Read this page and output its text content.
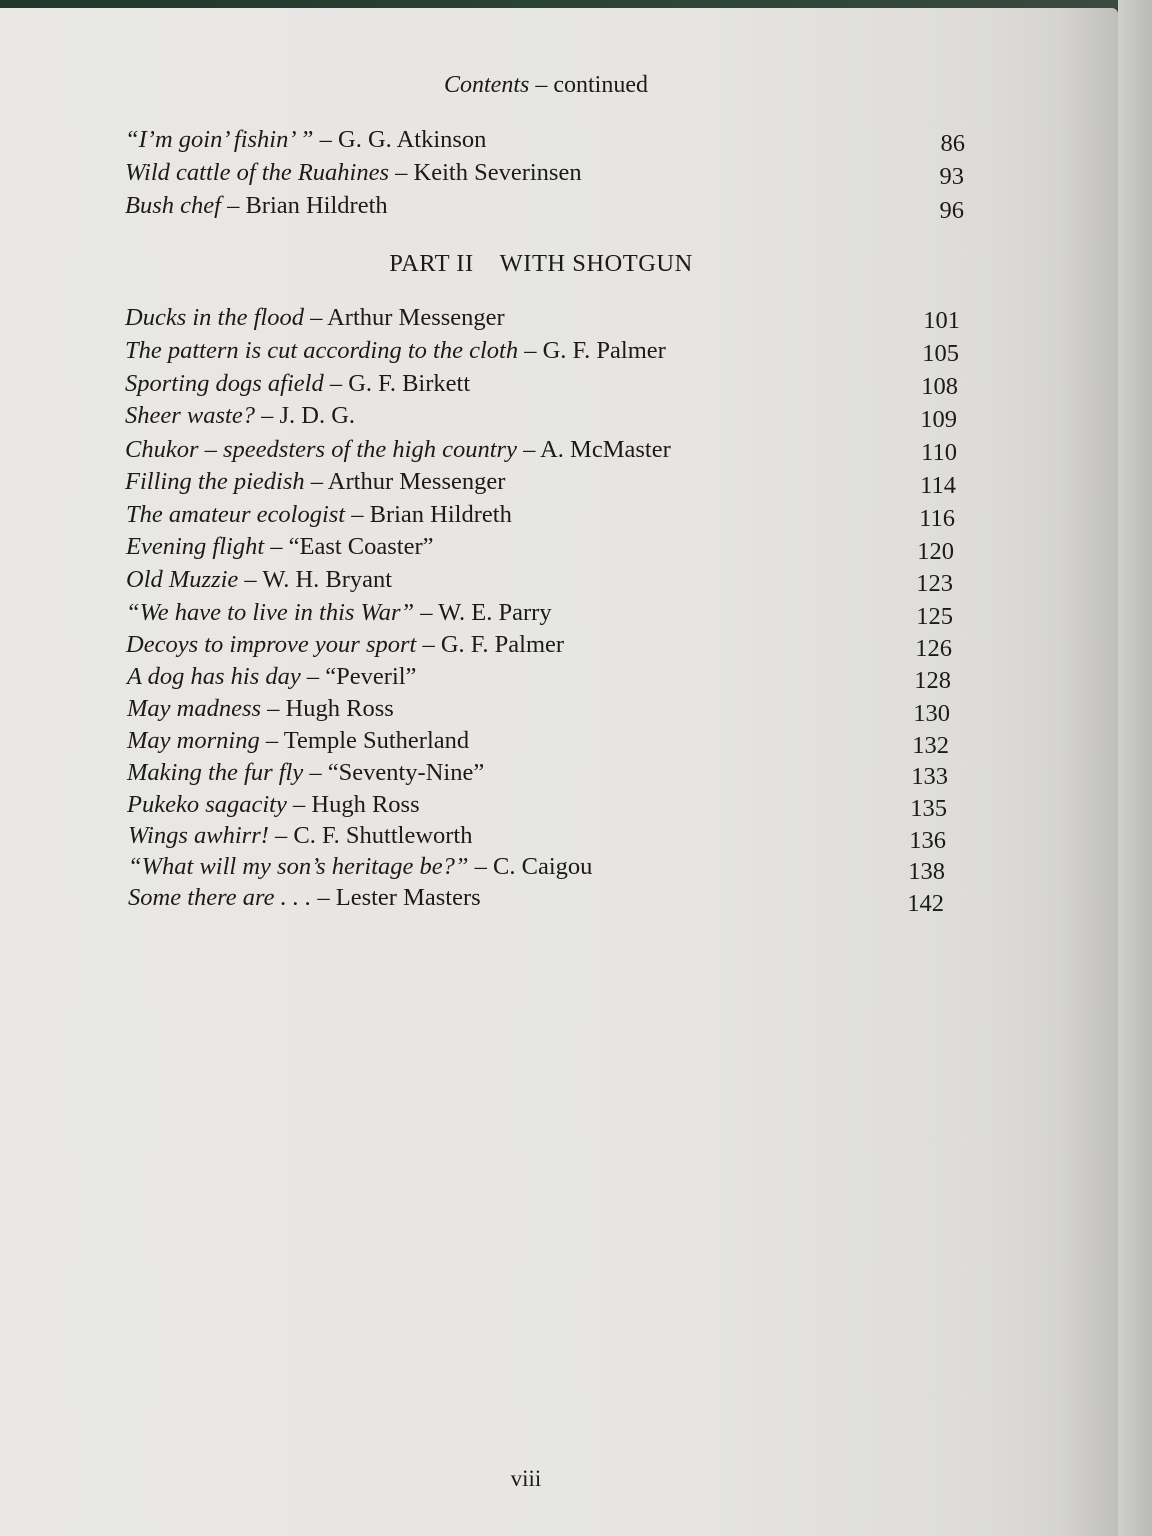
Contents – continued
“I’m goin’ fishin’ ” – G. G. Atkinson	86
Wild cattle of the Ruahines – Keith Severinsen	93
Bush chef – Brian Hildreth	96
PART II    WITH SHOTGUN
Ducks in the flood – Arthur Messenger	101
The pattern is cut according to the cloth – G. F. Palmer	105
Sporting dogs afield – G. F. Birkett	108
Sheer waste? – J. D. G.	109
Chukor – speedsters of the high country – A. McMaster	110
Filling the piedish – Arthur Messenger	114
The amateur ecologist – Brian Hildreth	116
Evening flight – “East Coaster”	120
Old Muzzie – W. H. Bryant	123
“We have to live in this War” – W. E. Parry	125
Decoys to improve your sport – G. F. Palmer	126
A dog has his day – “Peveril”	128
May madness – Hugh Ross	130
May morning – Temple Sutherland	132
Making the fur fly – “Seventy-Nine”	133
Pukeko sagacity – Hugh Ross	135
Wings awhirr! – C. F. Shuttleworth	136
“What will my son’s heritage be?” – C. Caigou	138
Some there are . . . – Lester Masters	142
viii
